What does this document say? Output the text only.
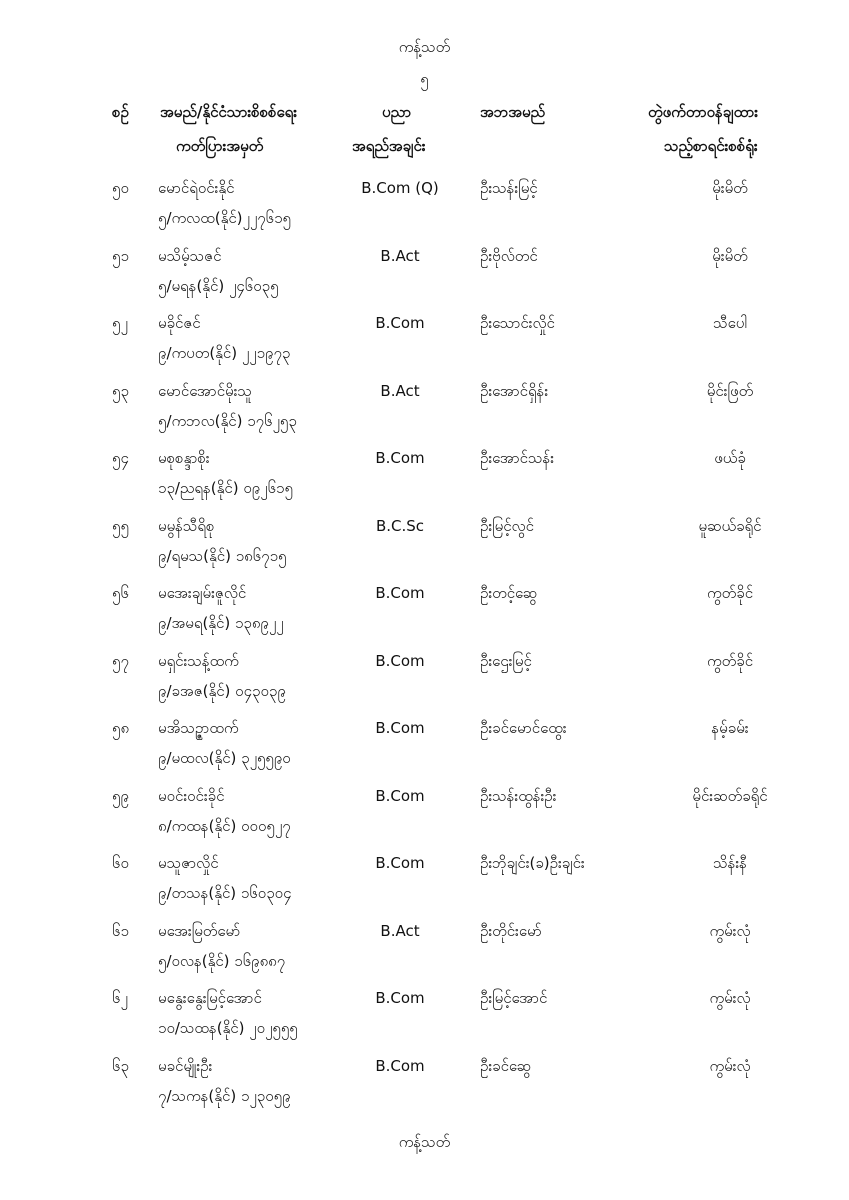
ကန့်သတ်
၅
စဉ် အမည်/နိုင်ငံသားစိစစ်ရေး
ကတ်ပြားအမှတ်
ပညာ
အရည်အချင်း
အဘအမည်	တွဲဖက်တာဝန်ချထား
သည့်စာရင်းစစ်ရုံး
၅၀ မောင်ရဲဝင်းနိုင်
၅/ကလထ(နိုင်)၂၂၇၆၁၅
B.Com (Q)	ဦးသန်းမြင့်	မိုးမိတ်
၅၁ မသိမ့်သဇင်
၅/မရန(နိုင်) ၂၄၆၀၃၅
B.Act	ဦးဗိုလ်တင်	မိုးမိတ်
၅၂ မခိုင်ဇင်
၉/ကပတ(နိုင်) ၂၂၁၉၇၃
B.Com	ဦးသောင်းလှိုင်	သီပေါ
၅၃ မောင်အောင်မိုးသူ
၅/ကဘလ(နိုင်) ၁၇၆၂၅၃
B.Act	ဦးအောင်ရှိန်း	မိုင်းဖြတ်
၅၄ မစုစန္ဒာစိုး
၁၃/ညရန(နိုင်) ၀၉၂၆၁၅
B.Com	ဦးအောင်သန်း	ဖယ်ခုံ
၅၅ မမွန်သီရိစု
၉/ရမသ(နိုင်) ၁၈၆၇၁၅
B.C.Sc	ဦးမြင့်လွင်	မူဆယ်ခရိုင်
၅၆ မအေးချမ်းဇူလိုင်
၉/အမရ(နိုင်) ၁၃၈၉၂၂
B.Com	ဦးတင့်ဆွေ	ကွတ်ခိုင်
၅၇ မရှင်းသန့်ထက်
၉/ခအဇ(နိုင်) ၀၄၃၀၃၉
B.Com	ဦးဌေးမြင့်	ကွတ်ခိုင်
၅၈ မအိသဉ္ဇာထက်
၉/မထလ(နိုင်) ၃၂၅၅၉၀
B.Com	ဦးခင်မောင်ထွေး	နမ့်ခမ်း
၅၉ မဝင်းဝင်းခိုင်
၈/ကထန(နိုင်) ၀၀၀၅၂၇
B.Com	ဦးသန်းထွန်းဦး	မိုင်းဆတ်ခရိုင်
၆၀ မသူဇာလှိုင်
၉/တသန(နိုင်) ၁၆၀၃၀၄
B.Com	ဦးဘိုချင်း(ခ)ဦးချင်း	သိန်းနီ
၆၁ မအေးမြတ်မော်
၅/ဝလန(နိုင်) ၁၆၉၈၈၇
B.Act	ဦးတိုင်းမော်	ကွမ်းလုံ
၆၂ မနွေးနွေးမြင့်အောင်
၁၀/သထန(နိုင်) ၂၀၂၅၅၅
B.Com	ဦးမြင့်အောင်	ကွမ်းလုံ
၆၃ မခင်မျိုးဦး
၇/သကန(နိုင်) ၁၂၃၀၅၉
B.Com	ဦးခင်ဆွေ	ကွမ်းလုံ
ကန့်သတ်
